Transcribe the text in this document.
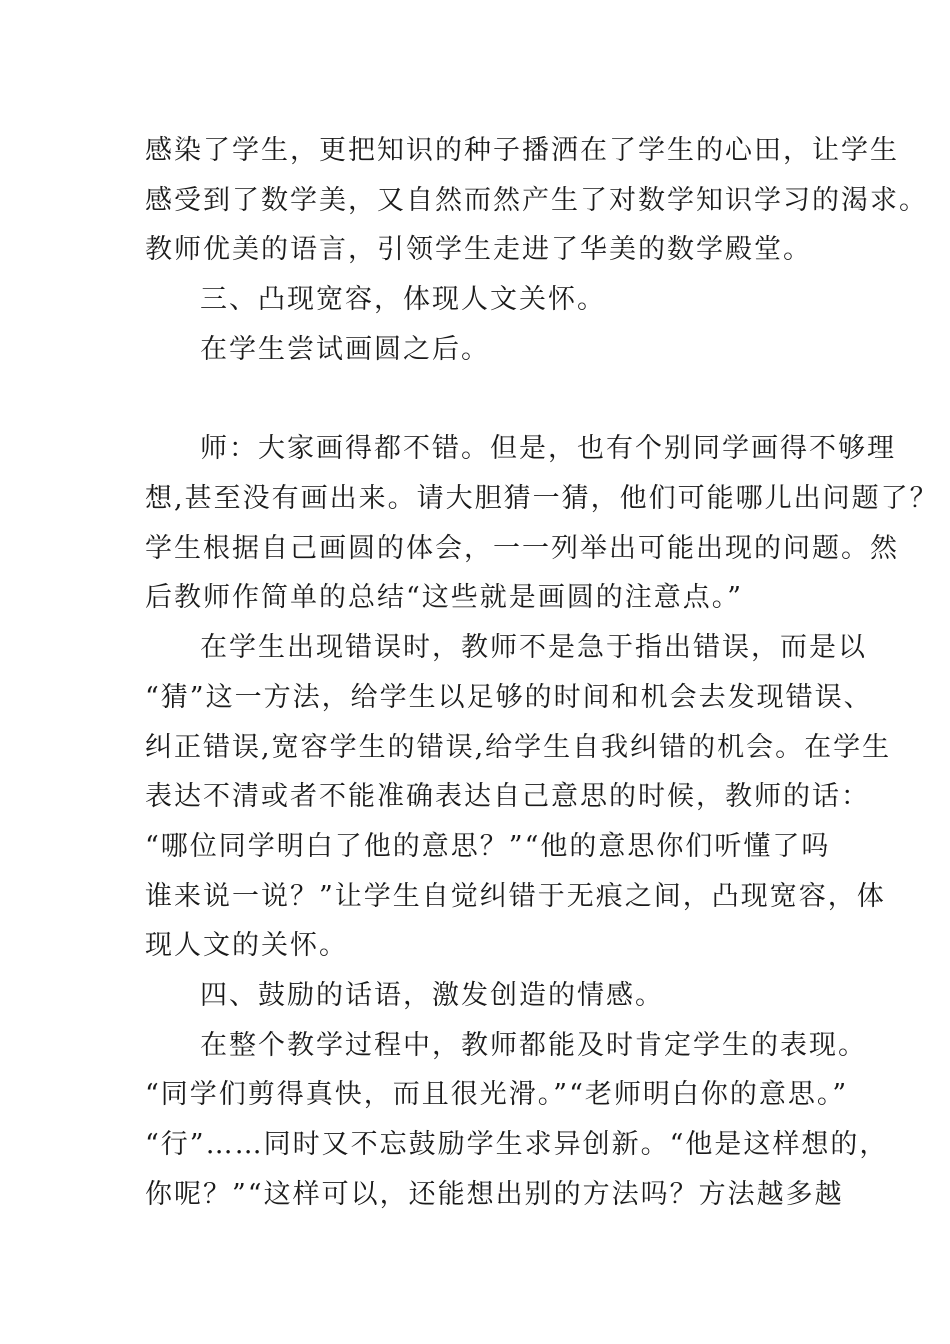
感染了学生，更把知识的种子播洒在了学生的心田，让学生
感受到了数学美，又自然而然产生了对数学知识学习的渴求。
教师优美的语言，引领学生走进了华美的数学殿堂。
三、凸现宽容，体现人文关怀。
在学生尝试画圆之后。
师：大家画得都不错。但是，也有个别同学画得不够理
想,甚至没有画出来。请大胆猜一猜，他们可能哪儿出问题了？
学生根据自己画圆的体会，一一列举出可能出现的问题。然
后教师作简单的总结“这些就是画圆的注意点。”
在学生出现错误时，教师不是急于指出错误，而是以
“猜”这一方法，给学生以足够的时间和机会去发现错误、
纠正错误,宽容学生的错误,给学生自我纠错的机会。在学生
表达不清或者不能准确表达自己意思的时候，教师的话：
“哪位同学明白了他的意思？”“他的意思你们听懂了吗
谁来说一说？”让学生自觉纠错于无痕之间，凸现宽容，体
现人文的关怀。
四、鼓励的话语，激发创造的情感。
在整个教学过程中，教师都能及时肯定学生的表现。
“同学们剪得真快，而且很光滑。”“老师明白你的意思。”
“行”……同时又不忘鼓励学生求异创新。“他是这样想的，
你呢？”“这样可以，还能想出别的方法吗？方法越多越
